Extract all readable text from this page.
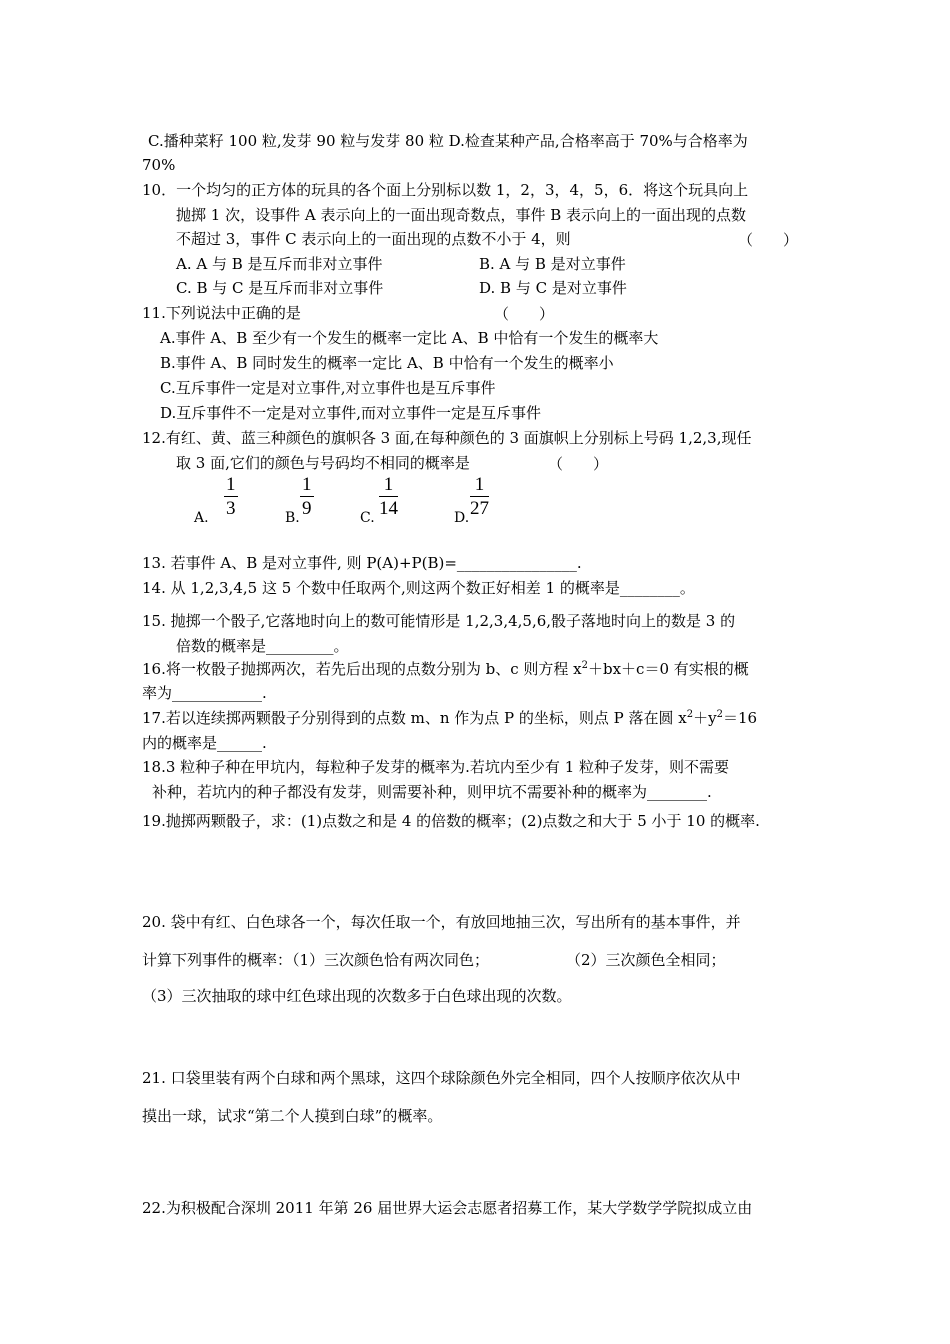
C.播种菜籽 100 粒,发芽 90 粒与发芽 80 粒 D.检查某种产品,合格率高于 70%与合格率为
70%
10．一个均匀的正方体的玩具的各个面上分别标以数 1，2，3，4，5，6．将这个玩具向上
抛掷 1 次，设事件 A 表示向上的一面出现奇数点，事件 B 表示向上的一面出现的点数
不超过 3，事件 C 表示向上的一面出现的点数不小于 4，则	（　　）
A. A 与 B 是互斥而非对立事件	B. A 与 B 是对立事件
C. B 与 C 是互斥而非对立事件	D. B 与 C 是对立事件
11.下列说法中正确的是	（　　）
A.事件 A、B 至少有一个发生的概率一定比 A、B 中恰有一个发生的概率大
B.事件 A、B 同时发生的概率一定比 A、B 中恰有一个发生的概率小
C.互斥事件一定是对立事件,对立事件也是互斥事件
D.互斥事件不一定是对立事件,而对立事件一定是互斥事件
12.有红、黄、蓝三种颜色的旗帜各 3 面,在每种颜色的 3 面旗帜上分别标上号码 1,2,3,现任
取 3 面,它们的颜色与号码均不相同的概率是	（　　）
A. $\frac{1}{3}$	B. $\frac{1}{9}$	C. $\frac{1}{14}$	D. $\frac{1}{27}$
13. 若事件 A、B 是对立事件, 则 P(A)+P(B)=________________.
14. 从 1,2,3,4,5 这 5 个数中任取两个,则这两个数正好相差 1 的概率是________。
15. 抛掷一个骰子,它落地时向上的数可能情形是 1,2,3,4,5,6,骰子落地时向上的数是 3 的
倍数的概率是_________。
16.将一枚骰子抛掷两次，若先后出现的点数分别为 b、c 则方程 $x^2+bx+c=0$ 有实根的概
率为____________.
17.若以连续掷两颗骰子分别得到的点数 m、n 作为点 P 的坐标，则点 P 落在圆 $x^2+y^2=16$
内的概率是______.
18.3 粒种子种在甲坑内，每粒种子发芽的概率为.若坑内至少有 1 粒种子发芽，则不需要
补种，若坑内的种子都没有发芽，则需要补种，则甲坑不需要补种的概率为________.
19.抛掷两颗骰子，求：(1)点数之和是 4 的倍数的概率；(2)点数之和大于 5 小于 10 的概率.
20. 袋中有红、白色球各一个，每次任取一个，有放回地抽三次，写出所有的基本事件，并
计算下列事件的概率：（1）三次颜色恰有两次同色；	（2）三次颜色全相同；
（3）三次抽取的球中红色球出现的次数多于白色球出现的次数。
21. 口袋里装有两个白球和两个黑球，这四个球除颜色外完全相同，四个人按顺序依次从中
摸出一球，试求“第二个人摸到白球”的概率。
22.为积极配合深圳 2011 年第 26 届世界大运会志愿者招募工作，某大学数学学院拟成立由
